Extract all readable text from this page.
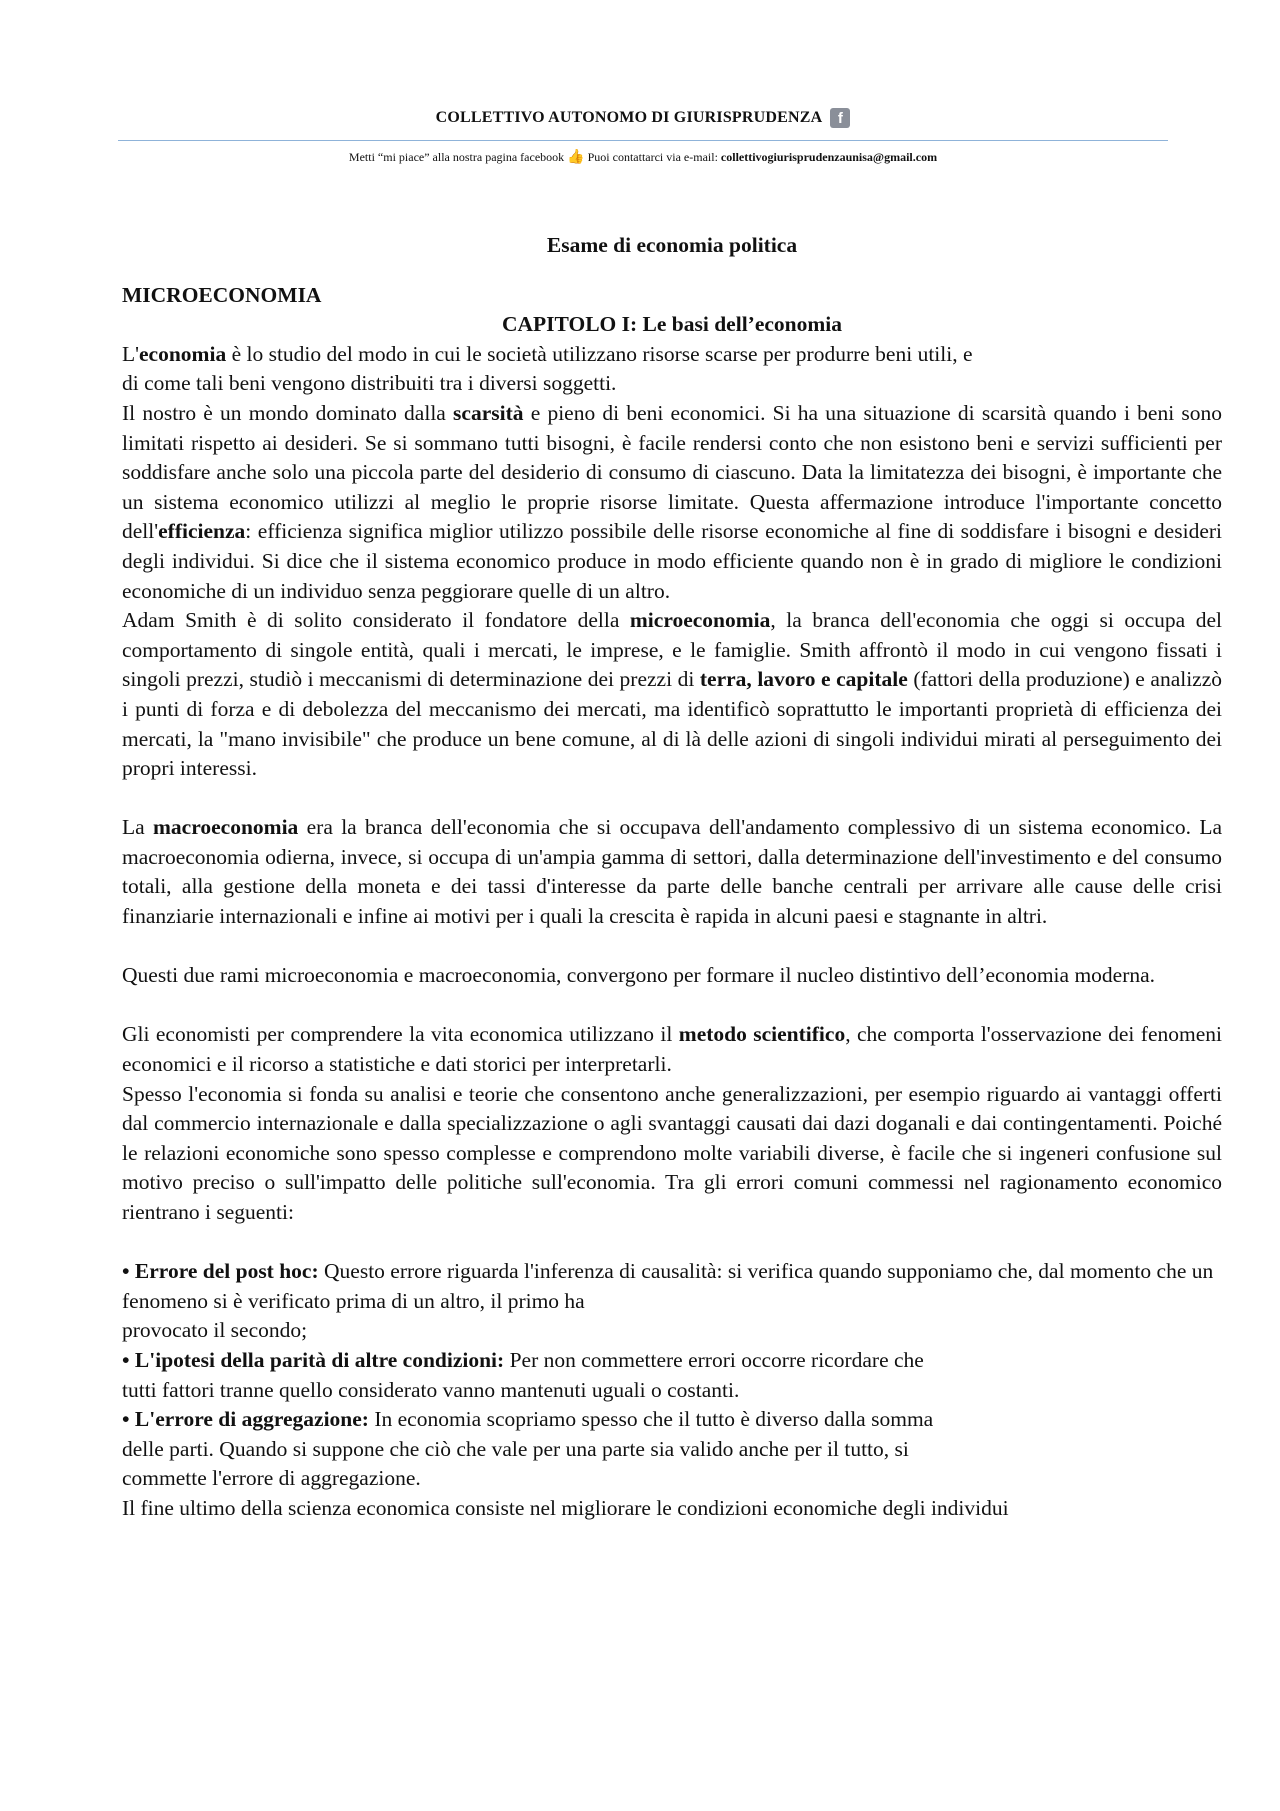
COLLETTIVO AUTONOMO DI GIURISPRUDENZA	f
Metti “mi piace” alla nostra pagina facebook 👍 Puoi contattarci via e-mail: collettivogiurisprudenzaunisa@gmail.com

Esame di economia politica

MICROECONOMIA

CAPITOLO I: Le basi dell’economia

L'economia è lo studio del modo in cui le società utilizzano risorse scarse per produrre beni utili, e
di come tali beni vengono distribuiti tra i diversi soggetti.

Il nostro è un mondo dominato dalla scarsità e pieno di beni economici. Si ha una situazione di scarsità quando i beni sono limitati rispetto ai desideri. Se si sommano tutti bisogni, è facile rendersi conto che non esistono beni e servizi sufficienti per soddisfare anche solo una piccola parte del desiderio di consumo di ciascuno. Data la limitatezza dei bisogni, è importante che un sistema economico utilizzi al meglio le proprie risorse limitate. Questa affermazione introduce l'importante concetto dell'efficienza: efficienza significa miglior utilizzo possibile delle risorse economiche al fine di soddisfare i bisogni e desideri degli individui. Si dice che il sistema economico produce in modo efficiente quando non è in grado di migliore le condizioni economiche di un individuo senza peggiorare quelle di un altro.

Adam Smith è di solito considerato il fondatore della microeconomia, la branca dell'economia che oggi si occupa del comportamento di singole entità, quali i mercati, le imprese, e le famiglie. Smith affrontò il modo in cui vengono fissati i singoli prezzi, studiò i meccanismi di determinazione dei prezzi di terra, lavoro e capitale (fattori della produzione) e analizzò i punti di forza e di debolezza del meccanismo dei mercati, ma identificò soprattutto le importanti proprietà di efficienza dei mercati, la "mano invisibile" che produce un bene comune, al di là delle azioni di singoli individui mirati al perseguimento dei propri interessi.

La macroeconomia era la branca dell'economia che si occupava dell'andamento complessivo di un sistema economico. La macroeconomia odierna, invece, si occupa di un'ampia gamma di settori, dalla determinazione dell'investimento e del consumo totali, alla gestione della moneta e dei tassi d'interesse da parte delle banche centrali per arrivare alle cause delle crisi finanziarie internazionali e infine ai motivi per i quali la crescita è rapida in alcuni paesi e stagnante in altri.

Questi due rami microeconomia e macroeconomia, convergono per formare il nucleo distintivo dell’economia moderna.

Gli economisti per comprendere la vita economica utilizzano il metodo scientifico, che comporta l'osservazione dei fenomeni economici e il ricorso a statistiche e dati storici per interpretarli.

Spesso l'economia si fonda su analisi e teorie che consentono anche generalizzazioni, per esempio riguardo ai vantaggi offerti dal commercio internazionale e dalla specializzazione o agli svantaggi causati dai dazi doganali e dai contingentamenti. Poiché le relazioni economiche sono spesso complesse e comprendono molte variabili diverse, è facile che si ingeneri confusione sul motivo preciso o sull'impatto delle politiche sull'economia. Tra gli errori comuni commessi nel ragionamento economico rientrano i seguenti:

• Errore del post hoc: Questo errore riguarda l'inferenza di causalità: si verifica quando supponiamo che, dal momento che un fenomeno si è verificato prima di un altro, il primo ha
provocato il secondo;

• L'ipotesi della parità di altre condizioni: Per non commettere errori occorre ricordare che
tutti fattori tranne quello considerato vanno mantenuti uguali o costanti.

• L'errore di aggregazione: In economia scopriamo spesso che il tutto è diverso dalla somma
delle parti. Quando si suppone che ciò che vale per una parte sia valido anche per il tutto, si
commette l'errore di aggregazione.

Il fine ultimo della scienza economica consiste nel migliorare le condizioni economiche degli individui
